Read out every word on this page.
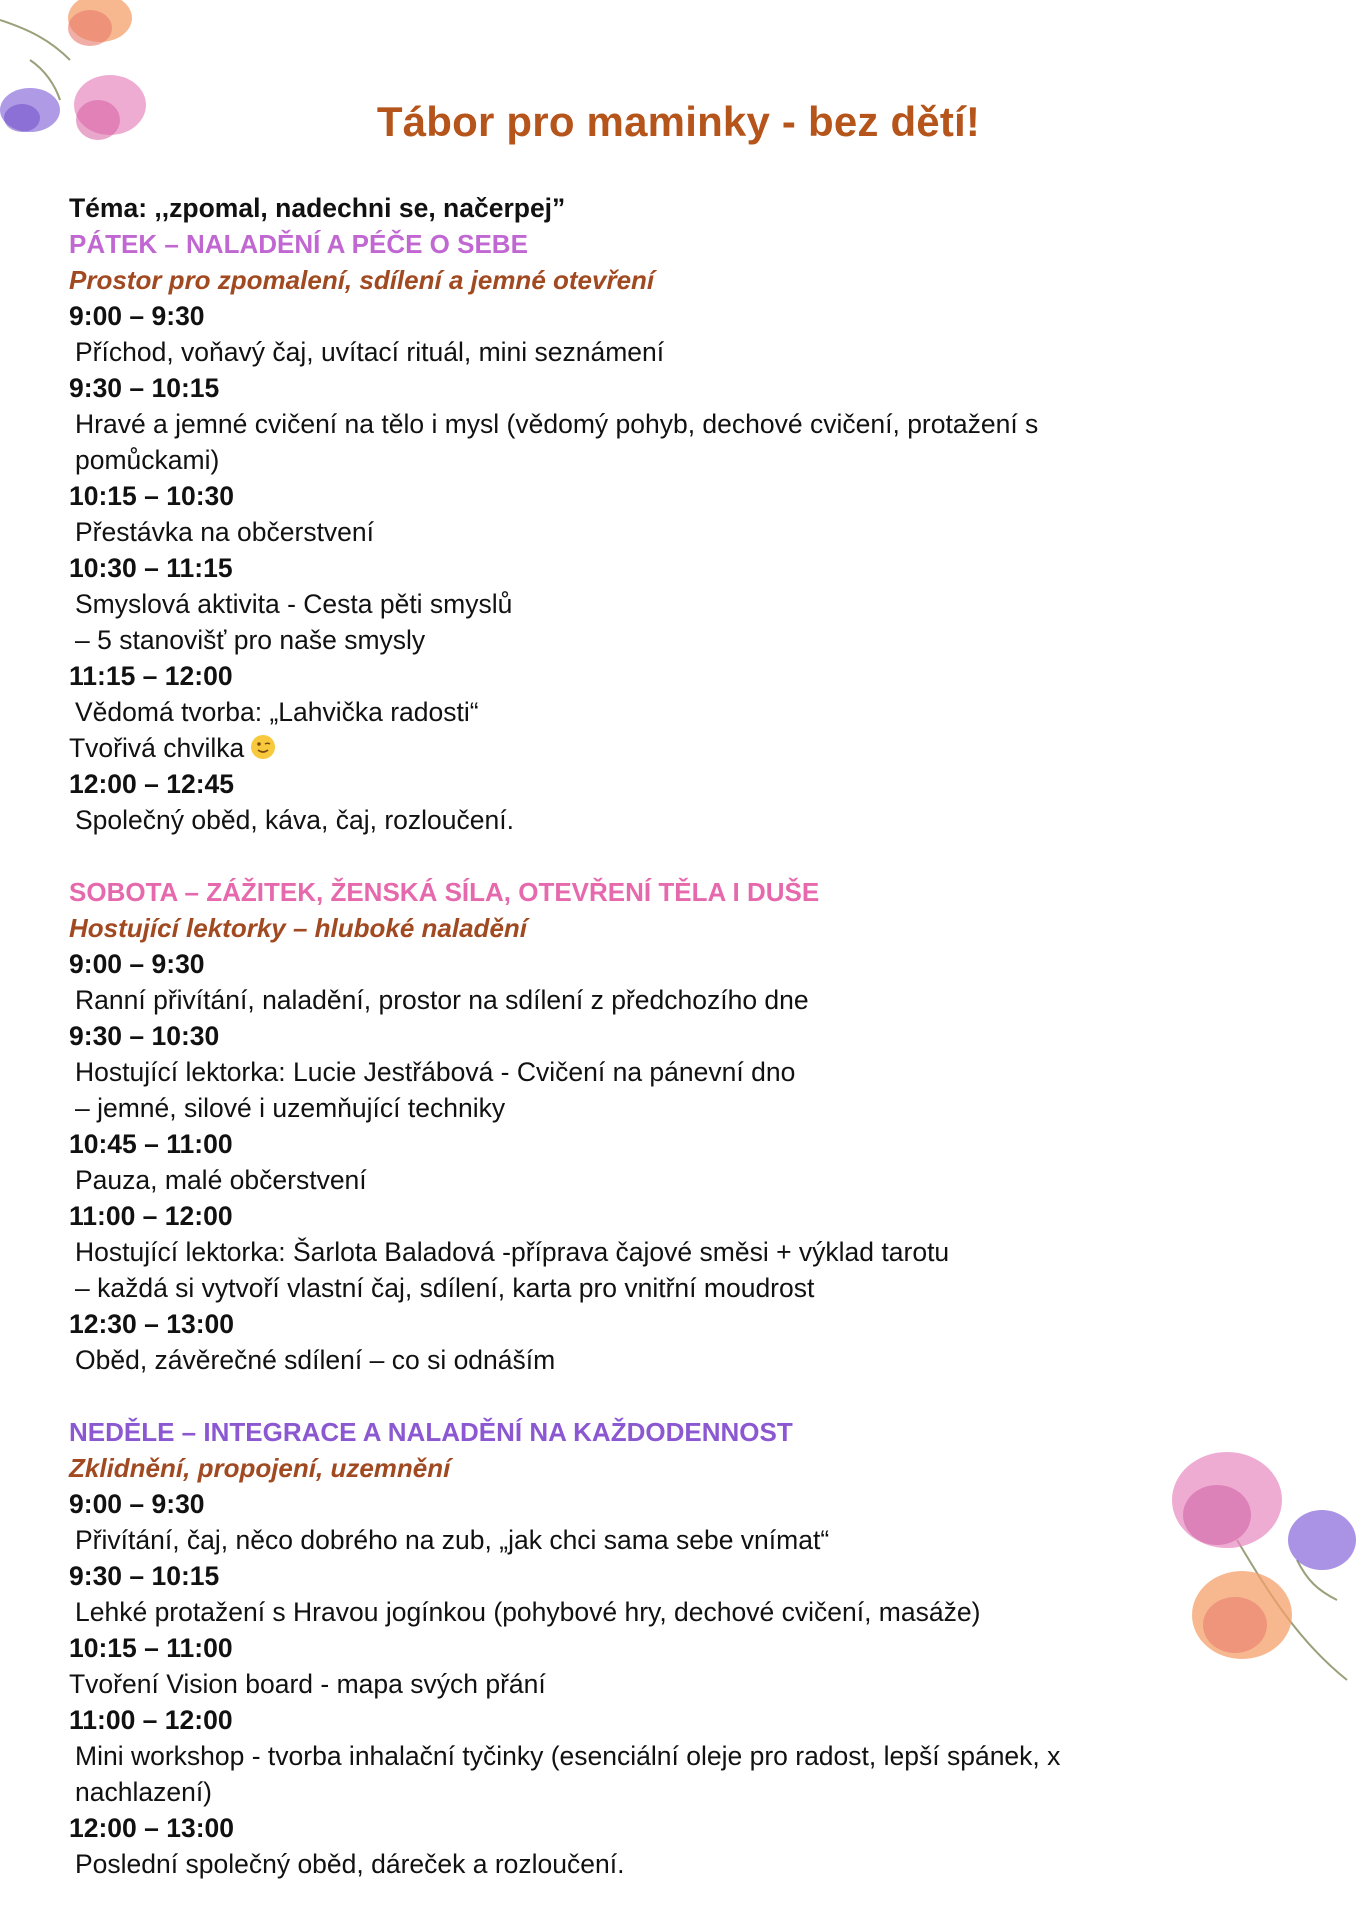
Tábor pro maminky - bez dětí!
Téma: ,,zpomal, nadechni se, načerpej”
PÁTEK – NALADĚNÍ A PÉČE O SEBE
Prostor pro zpomalení, sdílení a jemné otevření
9:00 – 9:30
Příchod, voňavý čaj, uvítací rituál, mini seznámení
9:30 – 10:15
Hravé a jemné cvičení na tělo i mysl (vědomý pohyb, dechové cvičení, protažení s pomůckami)
10:15 – 10:30
Přestávka na občerstvení
10:30 – 11:15
Smyslová aktivita - Cesta pěti smyslů
– 5 stanovišť pro naše smysly
11:15 – 12:00
Vědomá tvorba: „Lahvička radosti“
Tvořivá chvilka
12:00 – 12:45
Společný oběd, káva, čaj, rozloučení.
SOBOTA – ZÁŽITEK, ŽENSKÁ SÍLA, OTEVŘENÍ TĚLA I DUŠE
Hostující lektorky – hluboké naladění
9:00 – 9:30
Ranní přivítání, naladění, prostor na sdílení z předchozího dne
9:30 – 10:30
Hostující lektorka: Lucie Jestřábová - Cvičení na pánevní dno
– jemné, silové i uzemňující techniky
10:45 – 11:00
Pauza, malé občerstvení
11:00 – 12:00
Hostující lektorka: Šarlota Baladová -příprava čajové směsi + výklad tarotu
– každá si vytvoří vlastní čaj, sdílení, karta pro vnitřní moudrost
12:30 – 13:00
Oběd, závěrečné sdílení – co si odnáším
NEDĚLE – INTEGRACE A NALADĚNÍ NA KAŽDODENNOST
Zklidnění, propojení, uzemnění
9:00 – 9:30
Přivítání, čaj, něco dobrého na zub, „jak chci sama sebe vnímat“
9:30 – 10:15
Lehké protažení s Hravou jogínkou (pohybové hry, dechové cvičení, masáže)
10:15 – 11:00
Tvoření Vision board - mapa svých přání
11:00 – 12:00
Mini workshop - tvorba inhalační tyčinky (esenciální oleje pro radost, lepší spánek, x nachlazení)
12:00 – 13:00
Poslední společný oběd, dáreček a rozloučení.
